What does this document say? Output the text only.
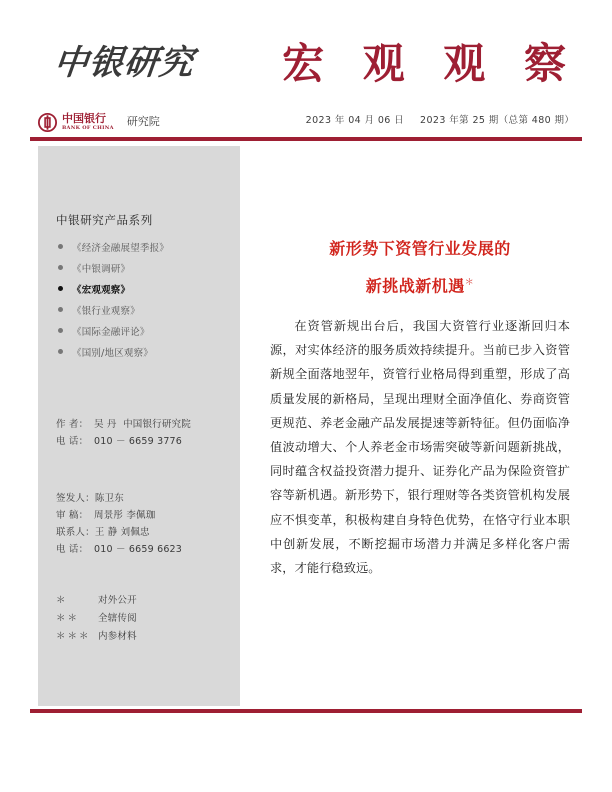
中银研究	宏 观 观 察
中国银行
BANK OF CHINA 研究院	2023 年 04 月 06 日 2023 年第 25 期（总第 480 期）
中银研究产品系列
《经济金融展望季报》
《中银调研》
《宏观观察》
《银行业观察》
《国际金融评论》
《国别/地区观察》
作 者： 吴 丹 中国银行研究院
电 话： 010 － 6659 3776
签发人：陈卫东
审 稿： 周景彤 李佩珈
联系人：王 静 刘佩忠
电 话： 010 － 6659 6623
＊	对外公开
＊＊	全辖传阅
＊＊＊ 内参材料
新形势下资管行业发展的
新挑战新机遇＊
在资管新规出台后，我国大资管行业逐渐回归本源，对实体经济的服务质效持续提升。当前已步入资管新规全面落地翌年，资管行业格局得到重塑，形成了高质量发展的新格局，呈现出理财全面净值化、券商资管更规范、养老金融产品发展提速等新特征。但仍面临净值波动增大、个人养老金市场需突破等新问题新挑战，同时蕴含权益投资潜力提升、证券化产品为保险资管扩容等新机遇。新形势下，银行理财等各类资管机构发展应不惧变革，积极构建自身特色优势，在恪守行业本职中创新发展，不断挖掘市场潜力并满足多样化客户需求，才能行稳致远。
